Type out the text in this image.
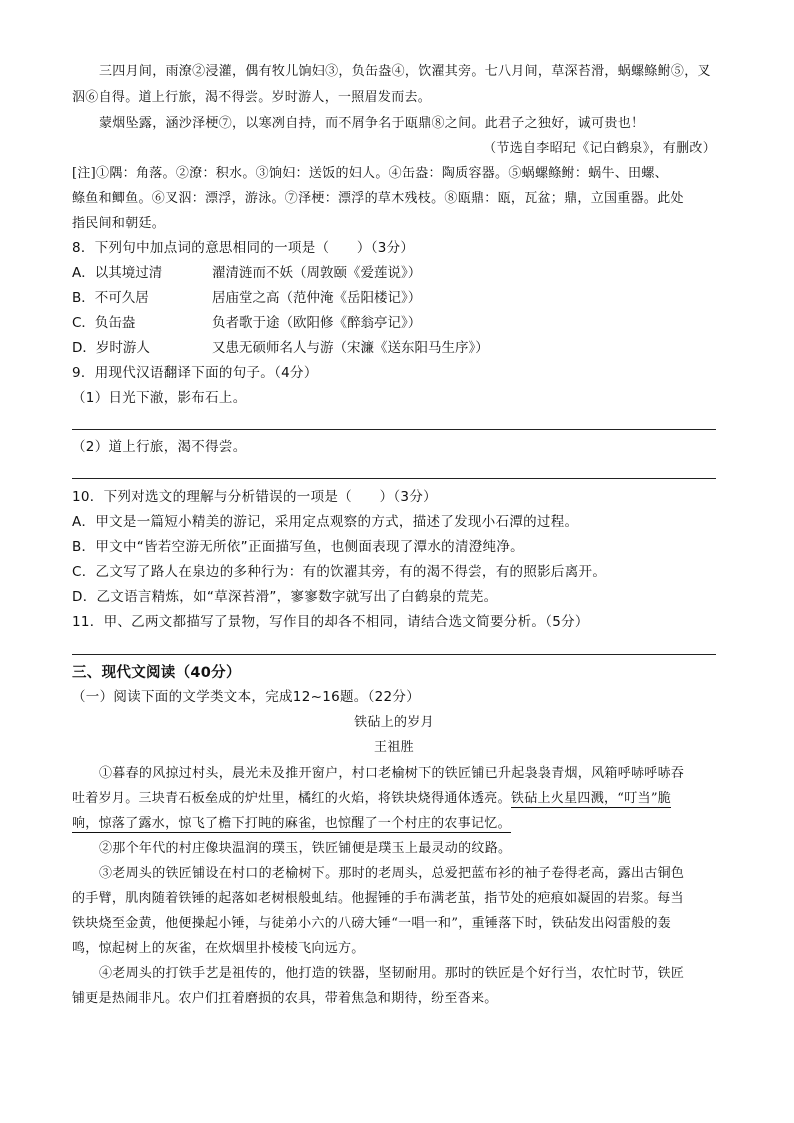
三四月间，雨潦②浸灌，偶有牧儿饷妇③，负缶盎④，饮濯其旁。七八月间，草深苔滑，蜗螺鲦鲋⑤，叉
泅⑥自得。道上行旅，渴不得尝。岁时游人，一照眉发而去。
蒙烟坠露，涵沙泽梗⑦，以寒冽自持，而不屑争名于瓯鼎⑧之间。此君子之独好，诚可贵也！
（节选自李昭玘《记白鹤泉》，有删改）
[注]①隅：角落。②潦：积水。③饷妇：送饭的妇人。④缶盎：陶质容器。⑤蜗螺鲦鲋：蜗牛、田螺、
鲦鱼和鲫鱼。⑥叉泅：漂浮，游泳。⑦泽梗：漂浮的草木残枝。⑧瓯鼎：瓯，瓦盆；鼎，立国重器。此处
指民间和朝廷。
8．下列句中加点词的意思相同的一项是（　　）（3分）
A．以其境过清	濯清涟而不妖（周敦颐《爱莲说》）
B．不可久居	居庙堂之高（范仲淹《岳阳楼记》）
C．负缶盎	负者歌于途（欧阳修《醉翁亭记》）
D．岁时游人	又患无硕师名人与游（宋濂《送东阳马生序》）
9．用现代汉语翻译下面的句子。（4分）
（1）日光下澈，影布石上。
（2）道上行旅，渴不得尝。
10．下列对选文的理解与分析错误的一项是（　　）（3分）
A．甲文是一篇短小精美的游记，采用定点观察的方式，描述了发现小石潭的过程。
B．甲文中“皆若空游无所依”正面描写鱼，也侧面表现了潭水的清澄纯净。
C．乙文写了路人在泉边的多种行为：有的饮濯其旁，有的渴不得尝，有的照影后离开。
D．乙文语言精炼，如“草深苔滑”，寥寥数字就写出了白鹤泉的荒芜。
11．甲、乙两文都描写了景物，写作目的却各不相同，请结合选文简要分析。（5分）
三、现代文阅读（40分）
（一）阅读下面的文学类文本，完成12~16题。（22分）
铁砧上的岁月
王祖胜
①暮春的风掠过村头，晨光未及推开窗户，村口老榆树下的铁匠铺已升起袅袅青烟，风箱呼哧呼哧吞
吐着岁月。三块青石板垒成的炉灶里，橘红的火焰，将铁块烧得通体透亮。铁砧上火星四溅，“叮当”脆
响，惊落了露水，惊飞了檐下打盹的麻雀，也惊醒了一个村庄的农事记忆。
②那个年代的村庄像块温润的璞玉，铁匠铺便是璞玉上最灵动的纹路。
③老周头的铁匠铺设在村口的老榆树下。那时的老周头，总爱把蓝布衫的袖子卷得老高，露出古铜色
的手臂，肌肉随着铁锤的起落如老树根般虬结。他握锤的手布满老茧，指节处的疤痕如凝固的岩浆。每当
铁块烧至金黄，他便操起小锤，与徒弟小六的八磅大锤“一唱一和”，重锤落下时，铁砧发出闷雷般的轰
鸣，惊起树上的灰雀，在炊烟里扑棱棱飞向远方。
④老周头的打铁手艺是祖传的，他打造的铁器，坚韧耐用。那时的铁匠是个好行当，农忙时节，铁匠
铺更是热闹非凡。农户们扛着磨损的农具，带着焦急和期待，纷至沓来。
